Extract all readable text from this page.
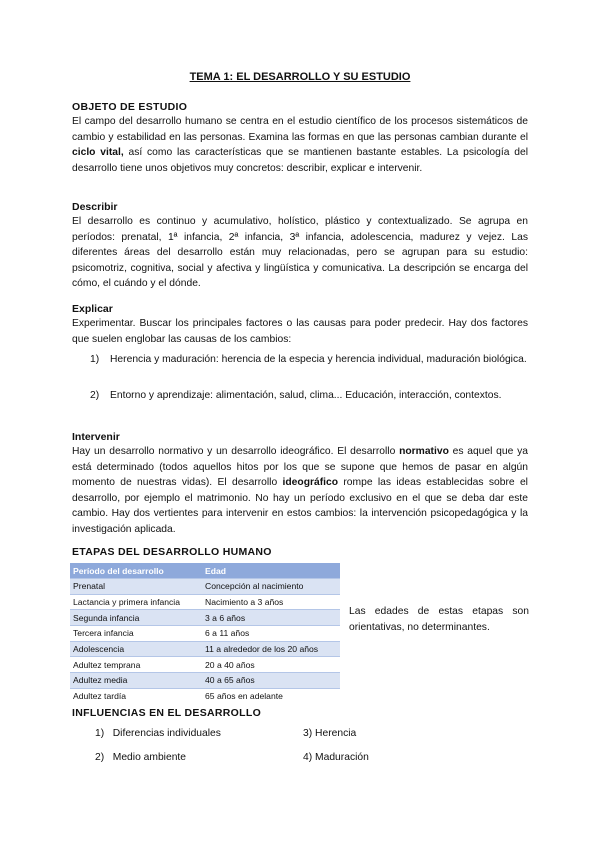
TEMA 1: EL DESARROLLO Y SU ESTUDIO
OBJETO DE ESTUDIO
El campo del desarrollo humano se centra en el estudio científico de los procesos sistemáticos de cambio y estabilidad en las personas. Examina las formas en que las personas cambian durante el ciclo vital, así como las características que se mantienen bastante estables. La psicología del desarrollo tiene unos objetivos muy concretos: describir, explicar e intervenir.
Describir
El desarrollo es continuo y acumulativo, holístico, plástico y contextualizado. Se agrupa en períodos: prenatal, 1ª infancia, 2ª infancia, 3ª infancia, adolescencia, madurez y vejez. Las diferentes áreas del desarrollo están muy relacionadas, pero se agrupan para su estudio: psicomotriz, cognitiva, social y afectiva y lingüística y comunicativa. La descripción se encarga del cómo, el cuándo y el dónde.
Explicar
Experimentar. Buscar los principales factores o las causas para poder predecir. Hay dos factores que suelen englobar las causas de los cambios:
1)	Herencia y maduración: herencia de la especia y herencia individual, maduración biológica.
2)	Entorno y aprendizaje: alimentación, salud, clima... Educación, interacción, contextos.
Intervenir
Hay un desarrollo normativo y un desarrollo ideográfico. El desarrollo normativo es aquel que ya está determinado (todos aquellos hitos por los que se supone que hemos de pasar en algún momento de nuestras vidas). El desarrollo ideográfico rompe las ideas establecidas sobre el desarrollo, por ejemplo el matrimonio. No hay un período exclusivo en el que se deba dar este cambio. Hay dos vertientes para intervenir en estos cambios: la intervención psicopedagógica y la investigación aplicada.
ETAPAS DEL DESARROLLO HUMANO
Período del desarrollo	Edad
Prenatal	Concepción al nacimiento
Lactancia y primera infancia	Nacimiento a 3 años
Segunda infancia	3 a 6 años
Tercera infancia	6 a 11 años
Adolescencia	11 a alrededor de los 20 años
Adultez temprana	20 a 40 años
Adultez media	40 a 65 años
Adultez tardía	65 años en adelante
Las edades de estas etapas son orientativas, no determinantes.
INFLUENCIAS EN EL DESARROLLO
1) Diferencias individuales
2) Medio ambiente
3) Herencia
4) Maduración
